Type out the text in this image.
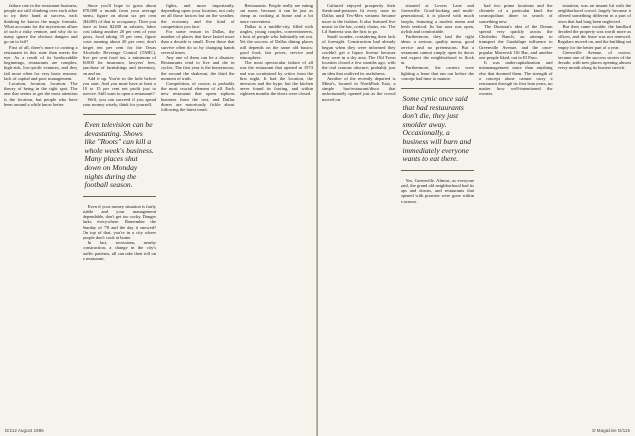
failure rate in the restaurant business, people are still climbing over each other to try their hand at success, each thinking he knows the magic formula. What accounts for the mysterious allure of such a risky venture, and why do so many ignore the obvious dangers and go on to fail?

First of all, there's more to owning a restaurant in this state than meets the eye. As a result of its hardscrabble beginnings, restaurants are complex, high-risk, low-profit ventures, and they fail more often for very basic reasons: lack of capital and poor management.

Location, location, location: The theory of being in the right spot. The one that seems to get the most attention is the location, but people who have been around a while know better.

Since you'll hope to gross about $70,000 a month from your average menu, figure on about six per cent ($4200) of that to occupancy. Then you have at least $2200 in salaries, labor cost taking another 20 per cent of your gross, food taking 35 per cent, figure costs running about 20 per cent; don't forget ten per cent for the Texas Alcoholic Beverage Control (TABC), five per cent food tax, a minimum of $1000 for insurance, lawyers' fees, purchase of furnishings and inventory, on and on.

Add it up. You're in the hole before you start. And you must have at least a 10 to 15 per cent net profit just to survive. Still want to open a restaurant?

Well, you can succeed if you spend your money wisely, think for yourself.

Even television can be devastating. Shows like "Roots" can kill a whole week's business. Many places shut down on Monday nights during the football season.

Even if your money situation is fairly stable and your management dependable, don't get too cocky. Danger lurks everywhere. Remember the Sunday of '78 and the day it snowed? On top of that, you're in a city where people don't cook at home.

In fact, recessions, nearby construction, a change in the city's traffic patterns, all can take their toll on a restaurant.

fights, and more importantly, depending upon your location, not only on all those factors but on the weather, the economy and the kind of competition you face.

For some reason in Dallas, the number of places that have lasted more than a decade is small. Even those that survive often do so by changing hands several times.

Any one of them can be a disaster: Restaurants tend to live and die in cycles. The first year is the honeymoon, the second the shakeout, the third the moment of truth.

Competition, of course, is probably the most crucial element of all. Each new restaurant that opens siphons business from the rest, and Dallas diners are notoriously fickle about following the latest trend.

Restaurants. People really are eating out more, because it can be just as cheap as cooking at home and a lot more convenient.

Dallas is a middle-city, filled with singles, young couples, conventioneers, a host of people who habitually eat out. Yet the success of Dallas dining places still depends on the same old basics: good food, fair prices, service and atmosphere.

The most spectacular failure of all was the restaurant that opened in 1974 and was scrutinized by critics from the first night. It had the location, the investors and the hype, but the kitchen never found its footing, and within eighteen months the doors were closed.

D/112 August 1986

Cultured enjoyed prosperity their Steak-and-potatoes fit every taste in Dallas until Tex-Mex variants became more to the fashion. It also featured live music in the bar, comfy chairs, etc. The Lil Santeria was the first to go.

Small wonder, considering their lack of foresight. Construction had already begun when they were informed they couldn't get a liquor license because they were in a dry area. The Old Town location closed a few months ago, with the real reasons obscure; probably just an idea that outlived its usefulness.

Another of the recently departed is Mimi's, located in NorthPark East, a simple bar/restaurant/disco that unfortunately opened just as the crowd moved on.

situated at Lovers Lane and Greenville. Good-looking and multi-generational, it is placed with much hoopla, featuring a modest menu and fresh seafood. Its bar area was open, stylish and comfortable.

Furthermore, they had the right ideas: a serious, quality menu, good service and no pretensions. But a restaurant cannot simply open its doors and expect the neighborhood to flock in.

Furthermore, the owners were fighting a lease that ran out before the concept had time to mature.

Some cynic once said that bad restaurants don't die, they just smolder away. Occasionally, a business will burn and immediately everyone wants to eat there.

Yes, Greenville. Almost, as everyone said, the grand old neighborhood had its ups and downs, and restaurants that opened with promise were gone within a season.

had two prime locations and the clientele of a particular kind: the cosmopolitan diner in search of something new.

The Dunston's idea of the Dream spread very quickly across the Chisholm Ranch, an attempt to transport the Guadalupe influence to Greenville Avenue, and the once-popular Maverick Oil Bar, and another one people liked, out in El Paso.

It was undercapitalization and mismanagement more than anything else that doomed them. The strength of a concept alone cannot carry a restaurant through its first lean years, no matter how well-intentioned the owners.

situation, was an instant hit with the neighborhood crowd, largely because it offered something different in a part of town that had long been neglected.

But then came trouble: the landlord decided the property was worth more as offices, and the lease was not renewed. Regulars moved on, and the building sat empty for the better part of a year.

Greenville Avenue, of course, became one of the success stories of the decade, with new places opening almost every month along its busiest stretch.

D Magazine D/115
